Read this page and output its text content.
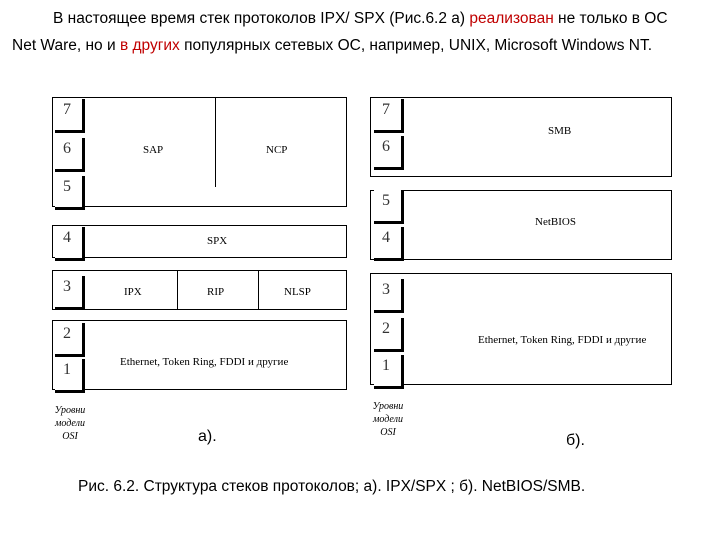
В настоящее время стек протоколов IPX/ SPX (Рис.6.2 а) реализован не только в ОС
Net Ware, но и в других популярных сетевых ОС, например, UNIX, Microsoft Windows NT.
SAP	NCP
SPX
IPX	RIP	NLSP
Ethernet, Token Ring, FDDI и другие
7
6
5
4
3
2
1
Уровни
модели
OSI	а).
SMB
NetBIOS
Ethernet, Token Ring, FDDI и другие
7
6
5
4
3
2
1
Уровни
модели
OSI	б).
Рис. 6.2. Структура стеков протоколов; а). IPX/SPX ; б). NetBIOS/SMB.
